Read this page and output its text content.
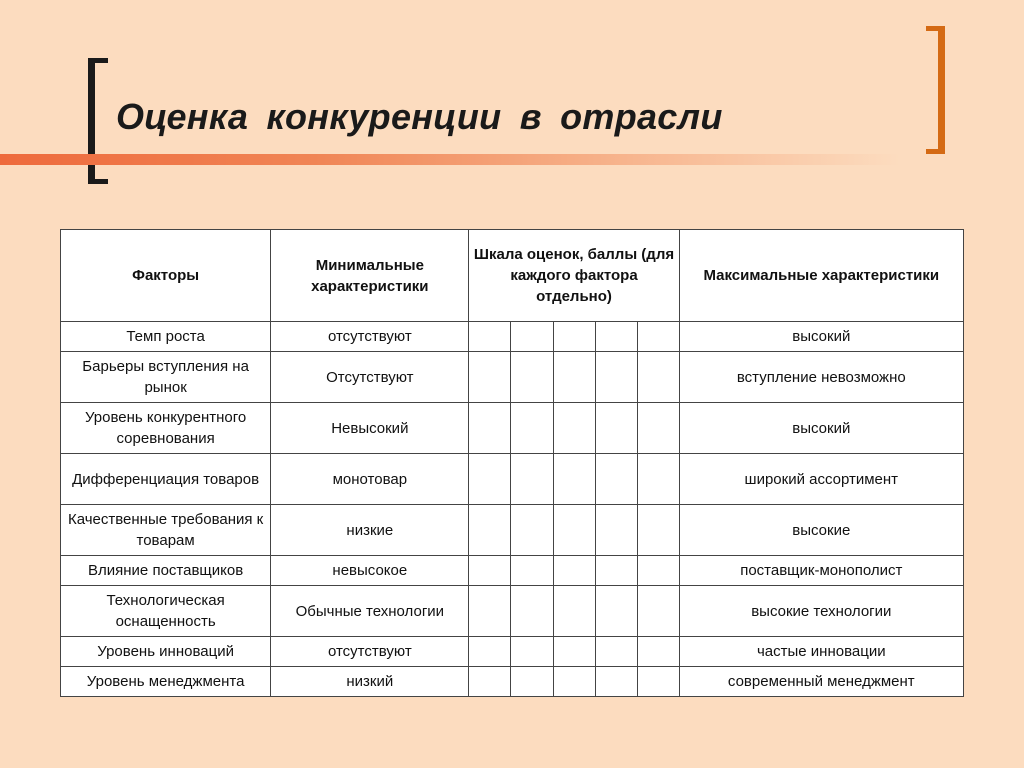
Оценка конкуренции в отрасли
Факторы	Минимальные характеристики	Шкала оценок, баллы (для каждого фактора отдельно)					Максимальные характеристики
Темп роста	отсутствуют						высокий
Барьеры вступления на рынок	Отсутствуют						вступление невозможно
Уровень конкурентного соревнования	Невысокий						высокий
Дифференциация товаров	монотовар						широкий ассортимент
Качественные требования к товарам	низкие						высокие
Влияние поставщиков	невысокое						поставщик-монополист
Технологическая оснащенность	Обычные технологии						высокие технологии
Уровень инноваций	отсутствуют						частые инновации
Уровень менеджмента	низкий						современный менеджмент
